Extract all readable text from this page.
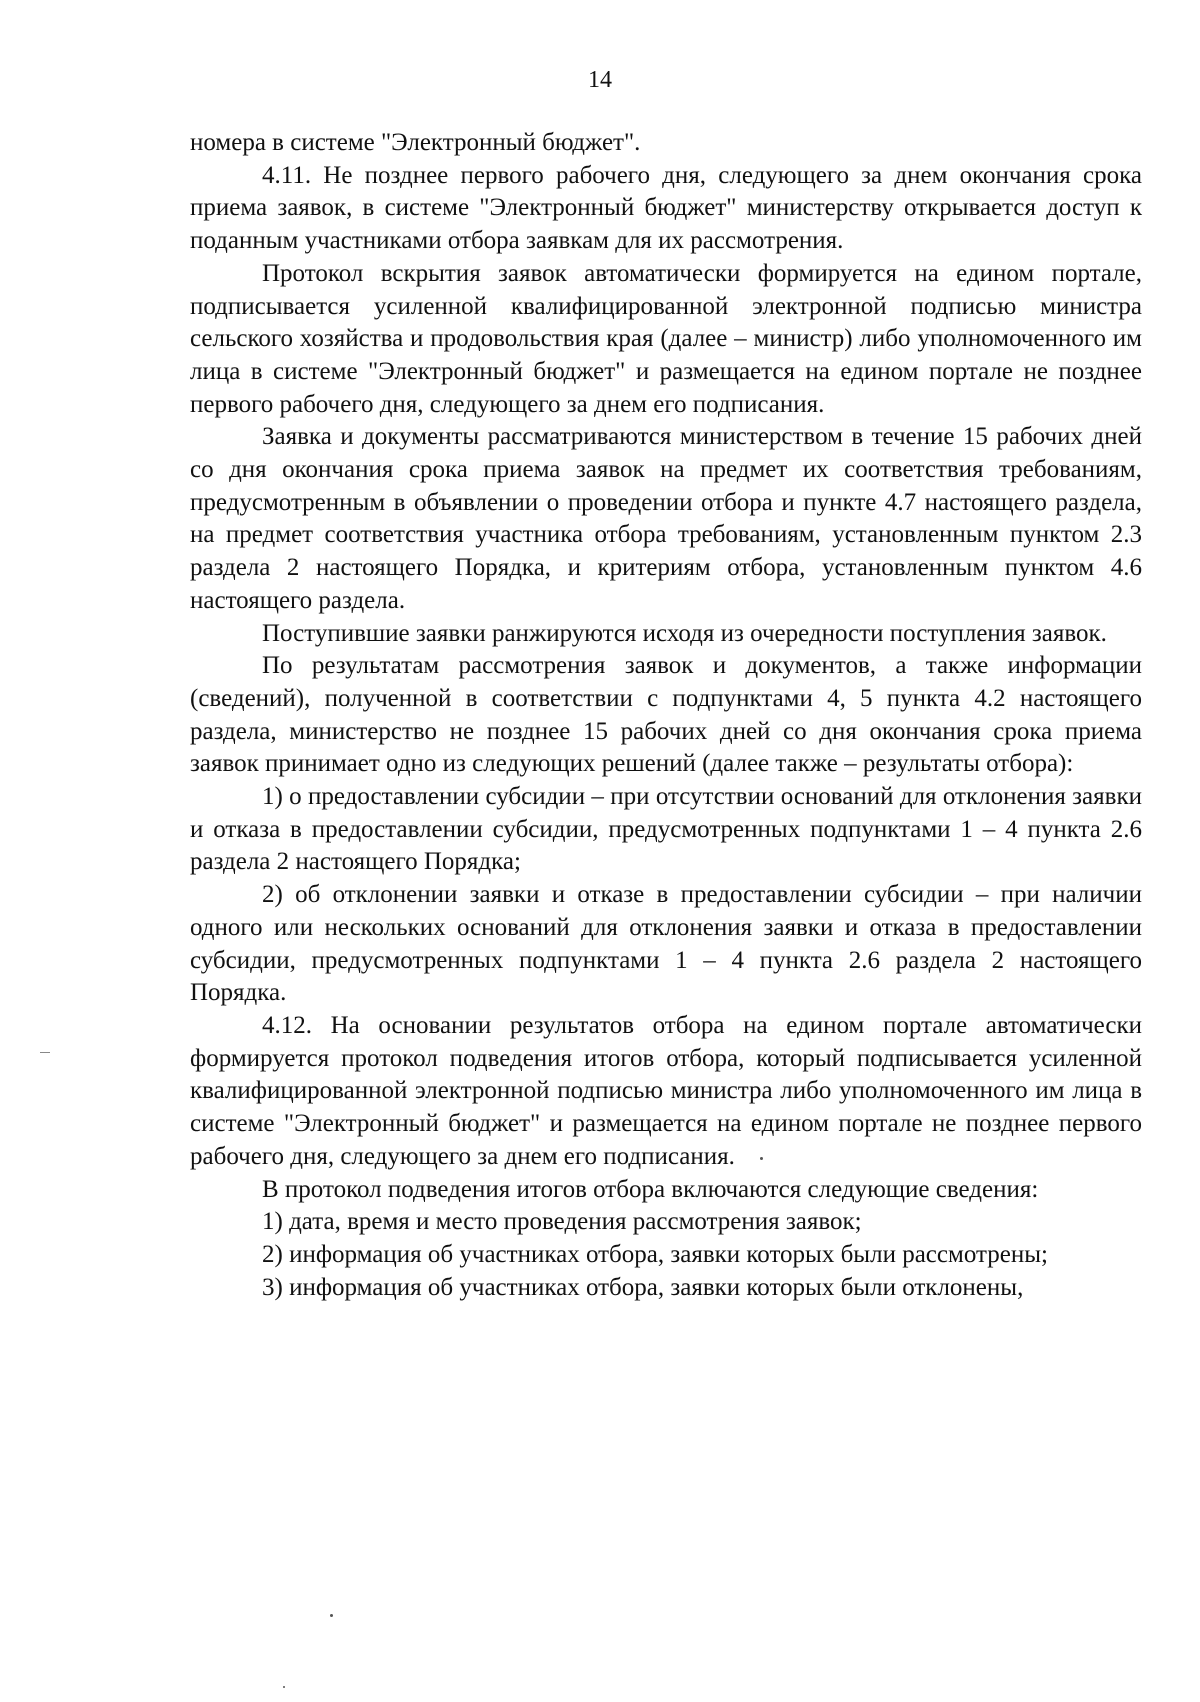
14

номера в системе "Электронный бюджет".

4.11. Не позднее первого рабочего дня, следующего за днем окончания срока приема заявок, в системе "Электронный бюджет" министерству открывается доступ к поданным участниками отбора заявкам для их рассмотрения.

Протокол вскрытия заявок автоматически формируется на едином портале, подписывается усиленной квалифицированной электронной подписью министра сельского хозяйства и продовольствия края (далее – министр) либо уполномоченного им лица в системе "Электронный бюджет" и размещается на едином портале не позднее первого рабочего дня, следующего за днем его подписания.

Заявка и документы рассматриваются министерством в течение 15 рабочих дней со дня окончания срока приема заявок на предмет их соответствия требованиям, предусмотренным в объявлении о проведении отбора и пункте 4.7 настоящего раздела, на предмет соответствия участника отбора требованиям, установленным пунктом 2.3 раздела 2 настоящего Порядка, и критериям отбора, установленным пунктом 4.6 настоящего раздела.

Поступившие заявки ранжируются исходя из очередности поступления заявок.

По результатам рассмотрения заявок и документов, а также информации (сведений), полученной в соответствии с подпунктами 4, 5 пункта 4.2 настоящего раздела, министерство не позднее 15 рабочих дней со дня окончания срока приема заявок принимает одно из следующих решений (далее также – результаты отбора):

1) о предоставлении субсидии – при отсутствии оснований для отклонения заявки и отказа в предоставлении субсидии, предусмотренных подпунктами 1 – 4 пункта 2.6 раздела 2 настоящего Порядка;

2) об отклонении заявки и отказе в предоставлении субсидии – при наличии одного или нескольких оснований для отклонения заявки и отказа в предоставлении субсидии, предусмотренных подпунктами 1 – 4 пункта 2.6 раздела 2 настоящего Порядка.

4.12. На основании результатов отбора на едином портале автоматически формируется протокол подведения итогов отбора, который подписывается усиленной квалифицированной электронной подписью министра либо уполномоченного им лица в системе "Электронный бюджет" и размещается на едином портале не позднее первого рабочего дня, следующего за днем его подписания.

В протокол подведения итогов отбора включаются следующие сведения:

1) дата, время и место проведения рассмотрения заявок;

2) информация об участниках отбора, заявки которых были рассмотрены;

3) информация об участниках отбора, заявки которых были отклонены,
